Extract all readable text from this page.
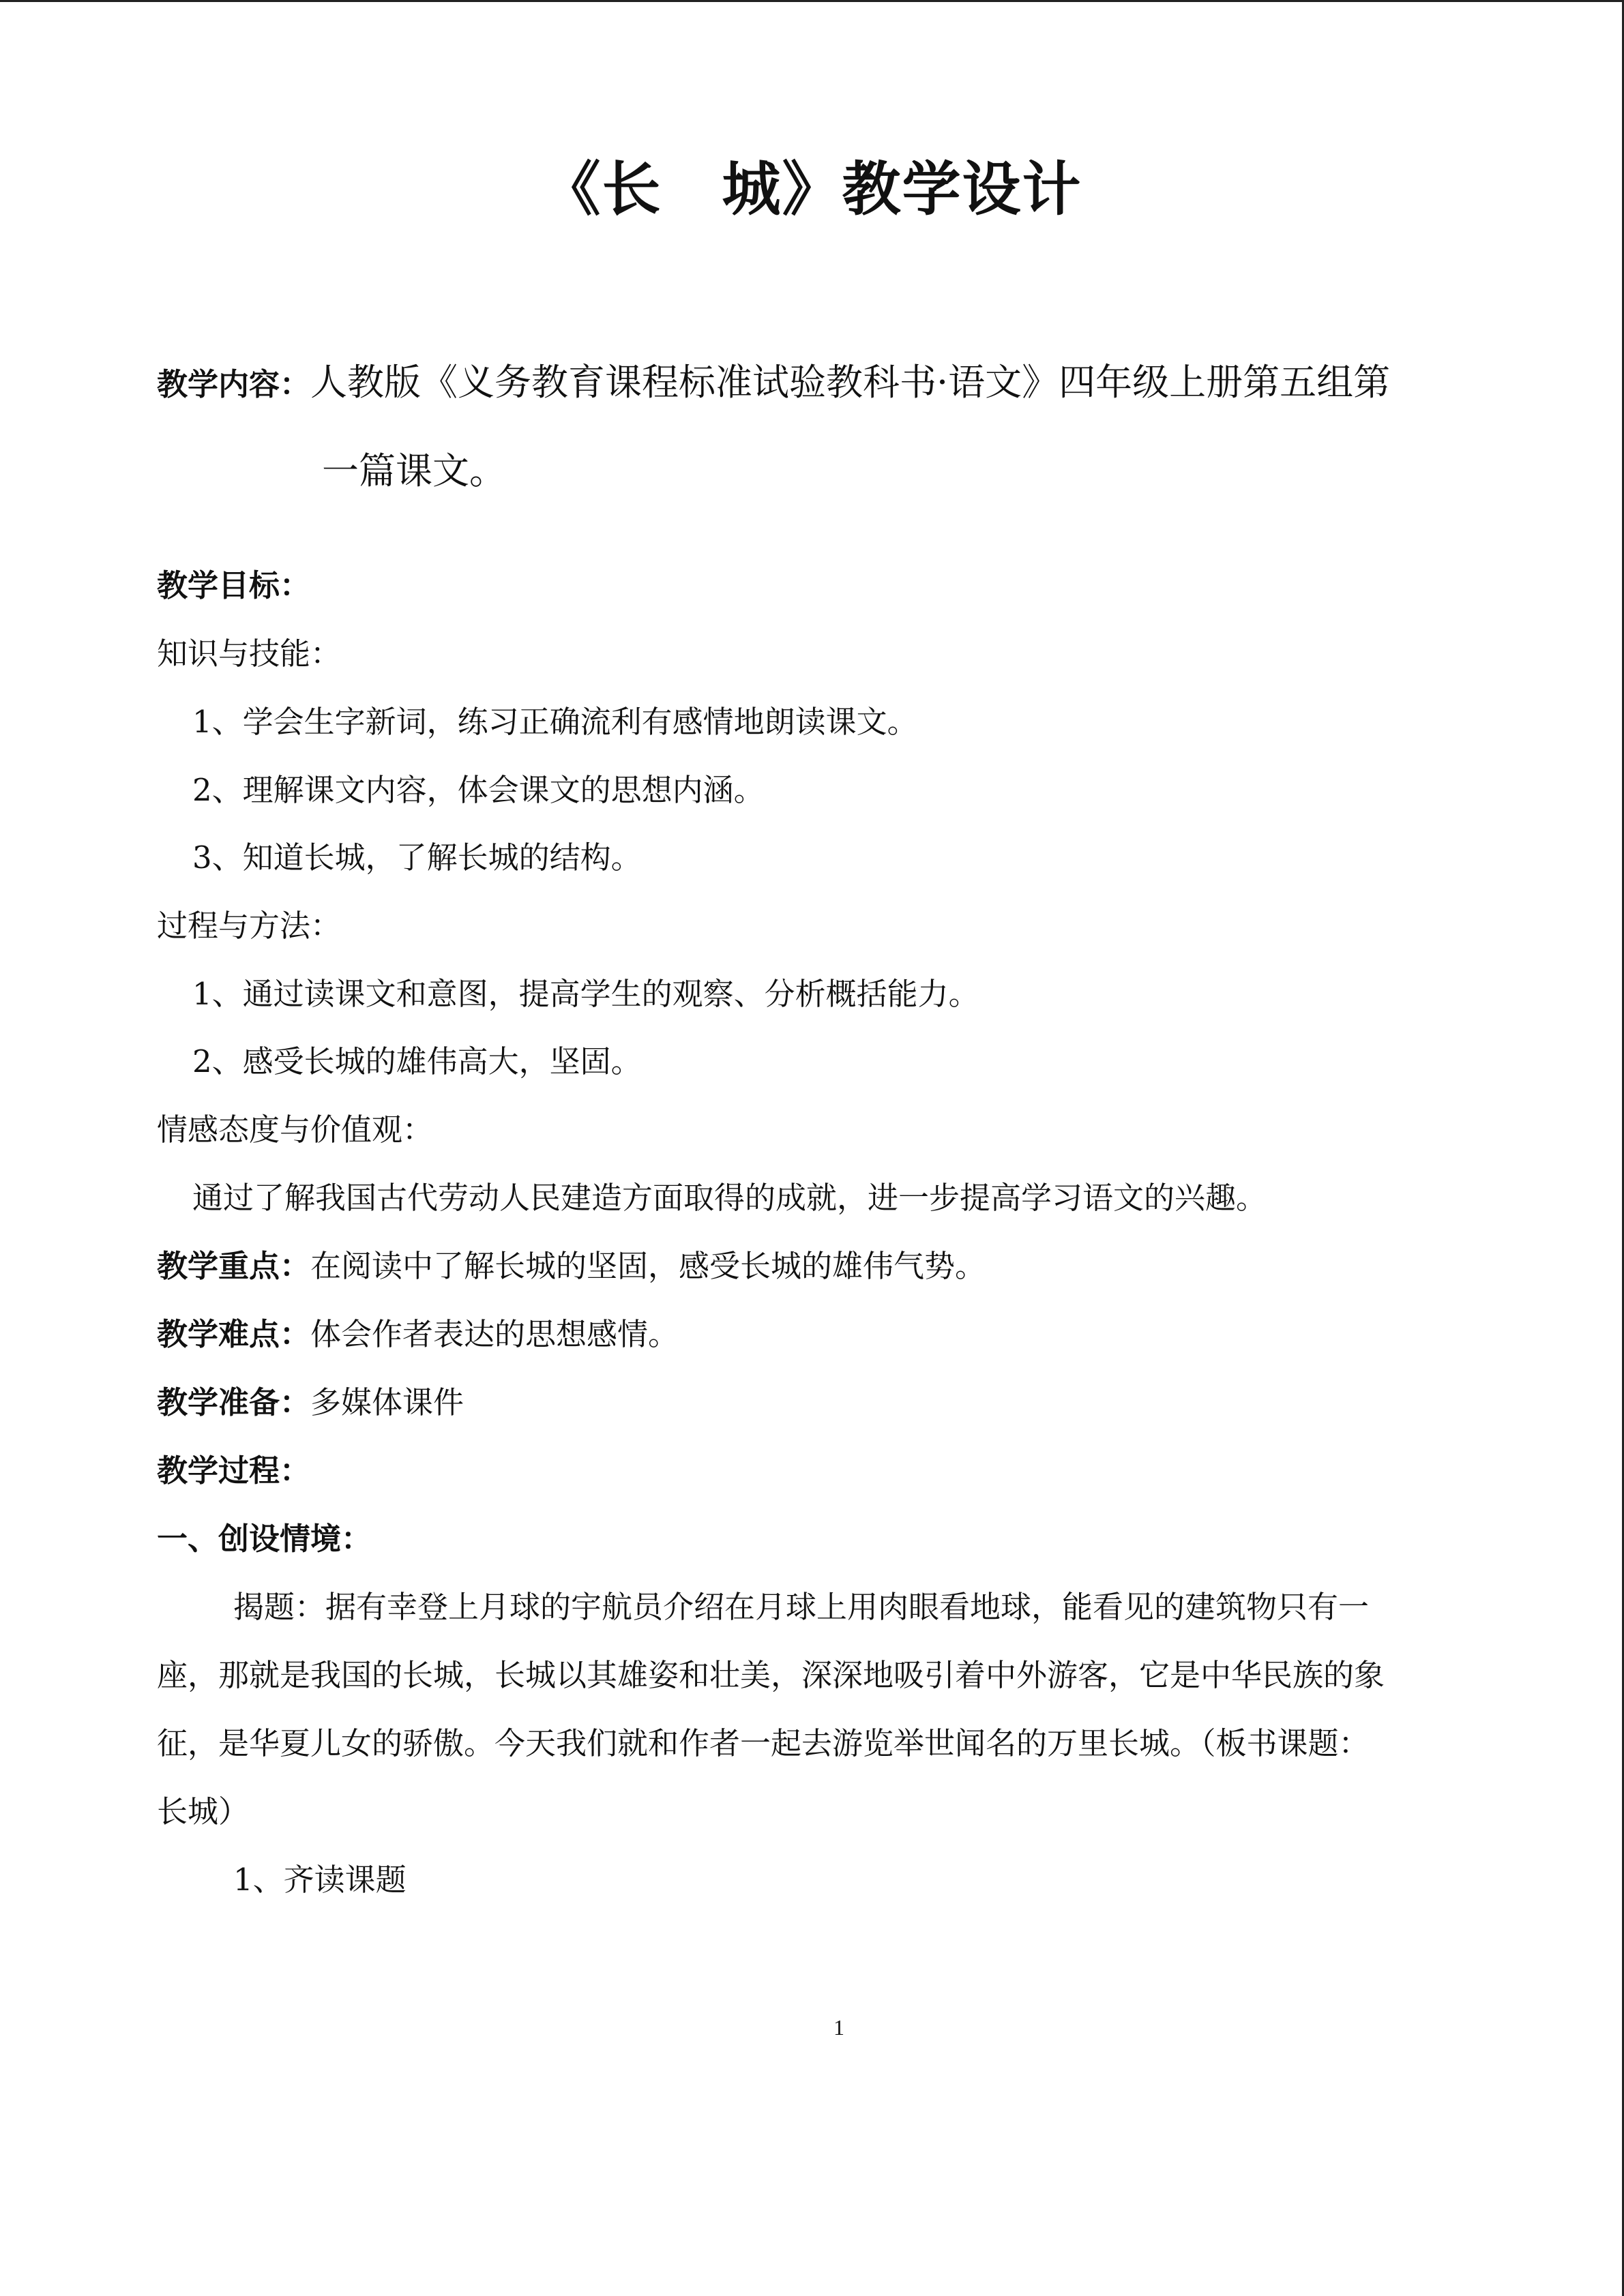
《长　城》教学设计
教学内容：人教版《义务教育课程标准试验教科书·语文》四年级上册第五组第
一篇课文。
教学目标：
知识与技能：
1、学会生字新词，练习正确流利有感情地朗读课文。
2、理解课文内容，体会课文的思想内涵。
3、知道长城，了解长城的结构。
过程与方法：
1、通过读课文和意图，提高学生的观察、分析概括能力。
2、感受长城的雄伟高大，坚固。
情感态度与价值观：
通过了解我国古代劳动人民建造方面取得的成就，进一步提高学习语文的兴趣。
教学重点：在阅读中了解长城的坚固，感受长城的雄伟气势。
教学难点：体会作者表达的思想感情。
教学准备：多媒体课件
教学过程：
一、创设情境：
揭题：据有幸登上月球的宇航员介绍在月球上用肉眼看地球，能看见的建筑物只有一
座，那就是我国的长城，长城以其雄姿和壮美，深深地吸引着中外游客，它是中华民族的象
征，是华夏儿女的骄傲。今天我们就和作者一起去游览举世闻名的万里长城。（板书课题：
长城）
1、齐读课题
1
